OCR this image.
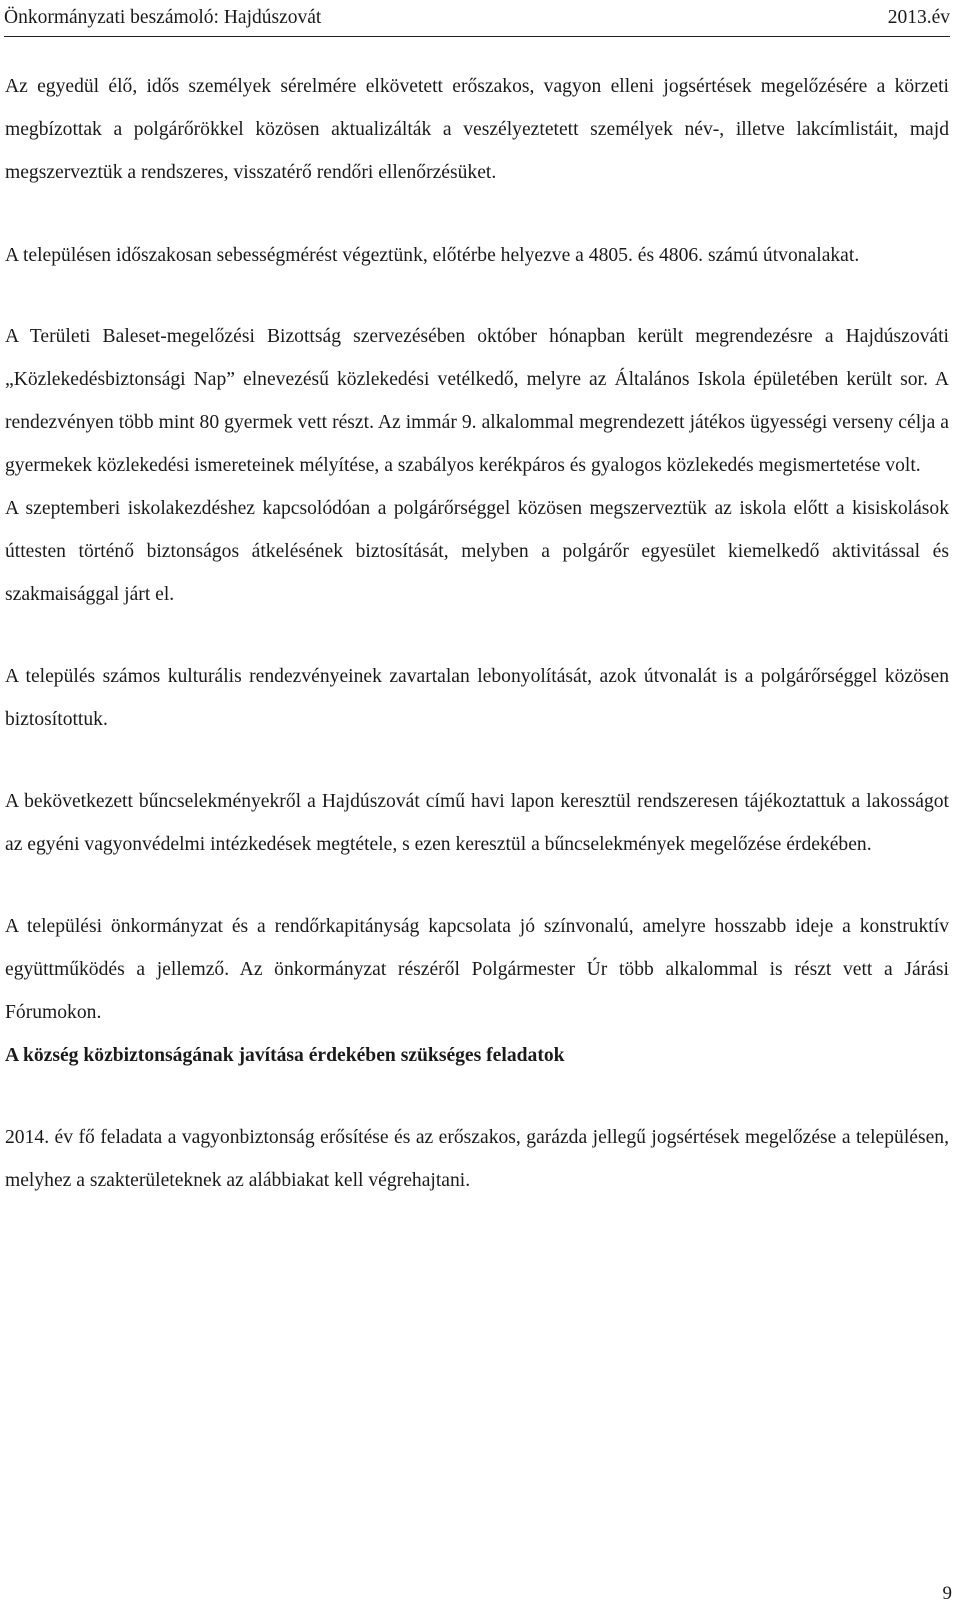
Önkormányzati beszámoló: Hajdúszovát	2013.év

Az egyedül élő, idős személyek sérelmére elkövetett erőszakos, vagyon elleni jogsértések megelőzésére a körzeti megbízottak a polgárőrökkel közösen aktualizálták a veszélyeztetett személyek név-, illetve lakcímlistáit, majd megszerveztük a rendszeres, visszatérő rendőri ellenőrzésüket.

A településen időszakosan sebességmérést végeztünk, előtérbe helyezve a 4805. és 4806. számú útvonalakat.

A Területi Baleset-megelőzési Bizottság szervezésében október hónapban került megrendezésre a Hajdúszováti „Közlekedésbiztonsági Nap” elnevezésű közlekedési vetélkedő, melyre az Általános Iskola épületében került sor. A rendezvényen több mint 80 gyermek vett részt. Az immár 9. alkalommal megrendezett játékos ügyességi verseny célja a gyermekek közlekedési ismereteinek mélyítése, a szabályos kerékpáros és gyalogos közlekedés megismertetése volt.

A szeptemberi iskolakezdéshez kapcsolódóan a polgárőrséggel közösen megszerveztük az iskola előtt a kisiskolások úttesten történő biztonságos átkelésének biztosítását, melyben a polgárőr egyesület kiemelkedő aktivitással és szakmaisággal járt el.

A település számos kulturális rendezvényeinek zavartalan lebonyolítását, azok útvonalát is a polgárőrséggel közösen biztosítottuk.

A bekövetkezett bűncselekményekről a Hajdúszovát című havi lapon keresztül rendszeresen tájékoztattuk a lakosságot az egyéni vagyonvédelmi intézkedések megtétele, s ezen keresztül a bűncselekmények megelőzése érdekében.

A települési önkormányzat és a rendőrkapitányság kapcsolata jó színvonalú, amelyre hosszabb ideje a konstruktív együttműködés a jellemző. Az önkormányzat részéről Polgármester Úr több alkalommal is részt vett a Járási Fórumokon.

A község közbiztonságának javítása érdekében szükséges feladatok

2014. év fő feladata a vagyonbiztonság erősítése és az erőszakos, garázda jellegű jogsértések megelőzése a településen, melyhez a szakterületeknek az alábbiakat kell végrehajtani.

9
